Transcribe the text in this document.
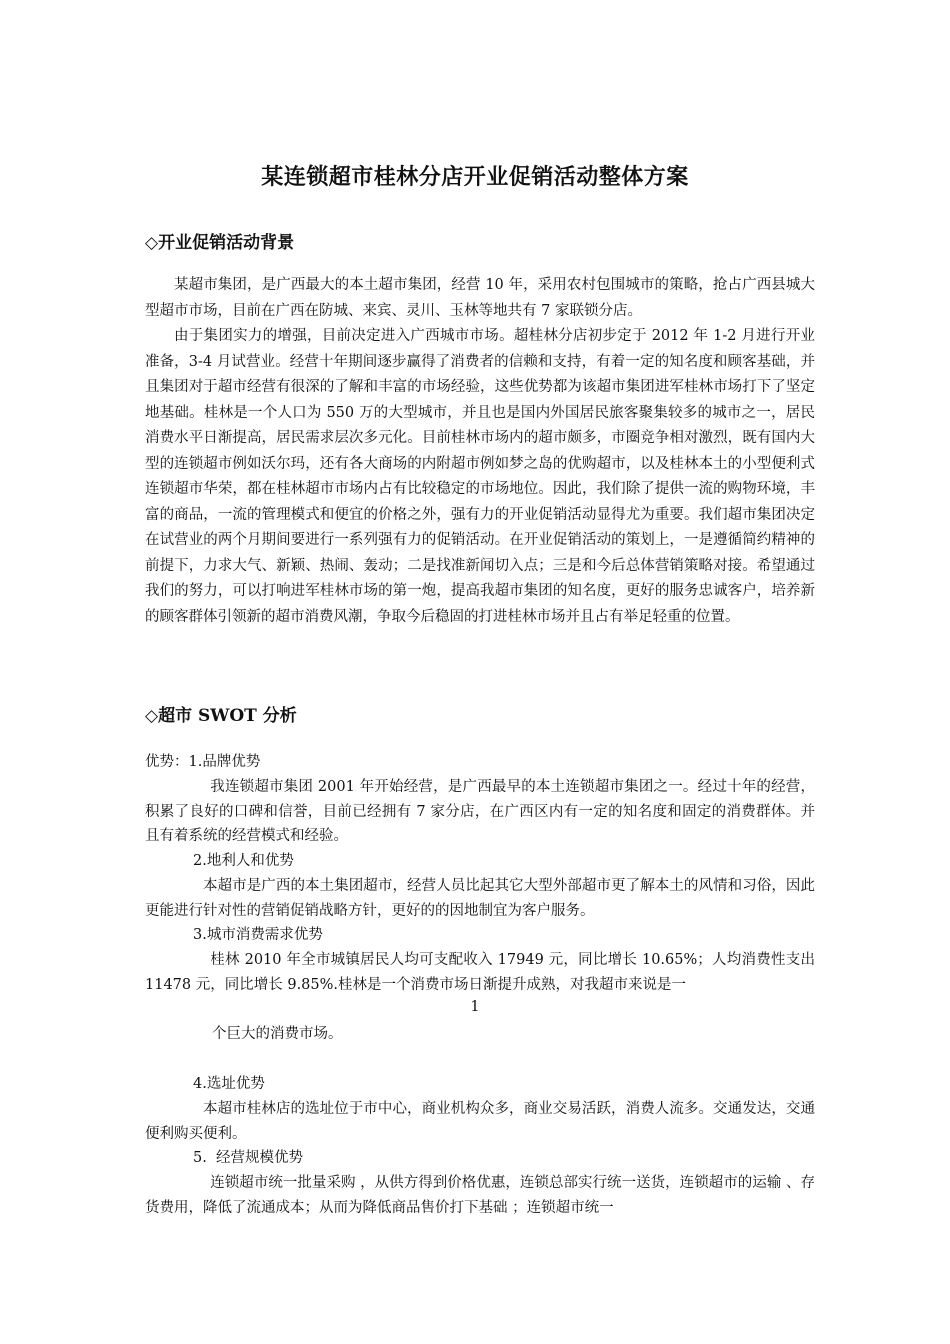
某连锁超市桂林分店开业促销活动整体方案
◇开业促销活动背景

某超市集团，是广西最大的本土超市集团，经营 10 年，采用农村包围城市的策略，抢占广西县城大型超市市场，目前在广西在防城、来宾、灵川、玉林等地共有 7 家联锁分店。

由于集团实力的增强，目前决定进入广西城市市场。超桂林分店初步定于 2012 年 1-2 月进行开业准备，3-4 月试营业。经营十年期间逐步赢得了消费者的信赖和支持，有着一定的知名度和顾客基础，并且集团对于超市经营有很深的了解和丰富的市场经验，这些优势都为该超市集团进军桂林市场打下了坚定地基础。桂林是一个人口为 550 万的大型城市，并且也是国内外国居民旅客聚集较多的城市之一，居民消费水平日渐提高，居民需求层次多元化。目前桂林市场内的超市颇多，市圈竞争相对激烈，既有国内大型的连锁超市例如沃尔玛，还有各大商场的内附超市例如梦之岛的优购超市，以及桂林本土的小型便利式连锁超市华荣，都在桂林超市市场内占有比较稳定的市场地位。因此，我们除了提供一流的购物环境，丰富的商品，一流的管理模式和便宜的价格之外，强有力的开业促销活动显得尤为重要。我们超市集团决定在试营业的两个月期间要进行一系列强有力的促销活动。在开业促销活动的策划上，一是遵循简约精神的前提下，力求大气、新颖、热闹、轰动；二是找准新闻切入点；三是和今后总体营销策略对接。希望通过我们的努力，可以打响进军桂林市场的第一炮，提高我超市集团的知名度，更好的服务忠诚客户，培养新的顾客群体引领新的超市消费风潮，争取今后稳固的打进桂林市场并且占有举足轻重的位置。

◇超市 SWOT 分析
优势：1.品牌优势

我连锁超市集团 2001 年开始经营，是广西最早的本土连锁超市集团之一。经过十年的经营，积累了良好的口碑和信誉，目前已经拥有 7 家分店，在广西区内有一定的知名度和固定的消费群体。并且有着系统的经营模式和经验。

2.地利人和优势

本超市是广西的本土集团超市，经营人员比起其它大型外部超市更了解本土的风情和习俗，因此更能进行针对性的营销促销战略方针，更好的的因地制宜为客户服务。

3.城市消费需求优势

桂林 2010 年全市城镇居民人均可支配收入 17949 元，同比增长 10.65%；人均消费性支出 11478 元，同比增长 9.85%.桂林是一个消费市场日渐提升成熟，对我超市来说是一

1
个巨大的消费市场。
4.选址优势

本超市桂林店的选址位于市中心，商业机构众多，商业交易活跃，消费人流多。交通发达，交通便利购买便利。

5.  经营规模优势

连锁超市统一批量采购 ，从供方得到价格优惠，连锁总部实行统一送货，连锁超市的运输 、存货费用，降低了流通成本；从而为降低商品售价打下基础 ；连锁超市统一
